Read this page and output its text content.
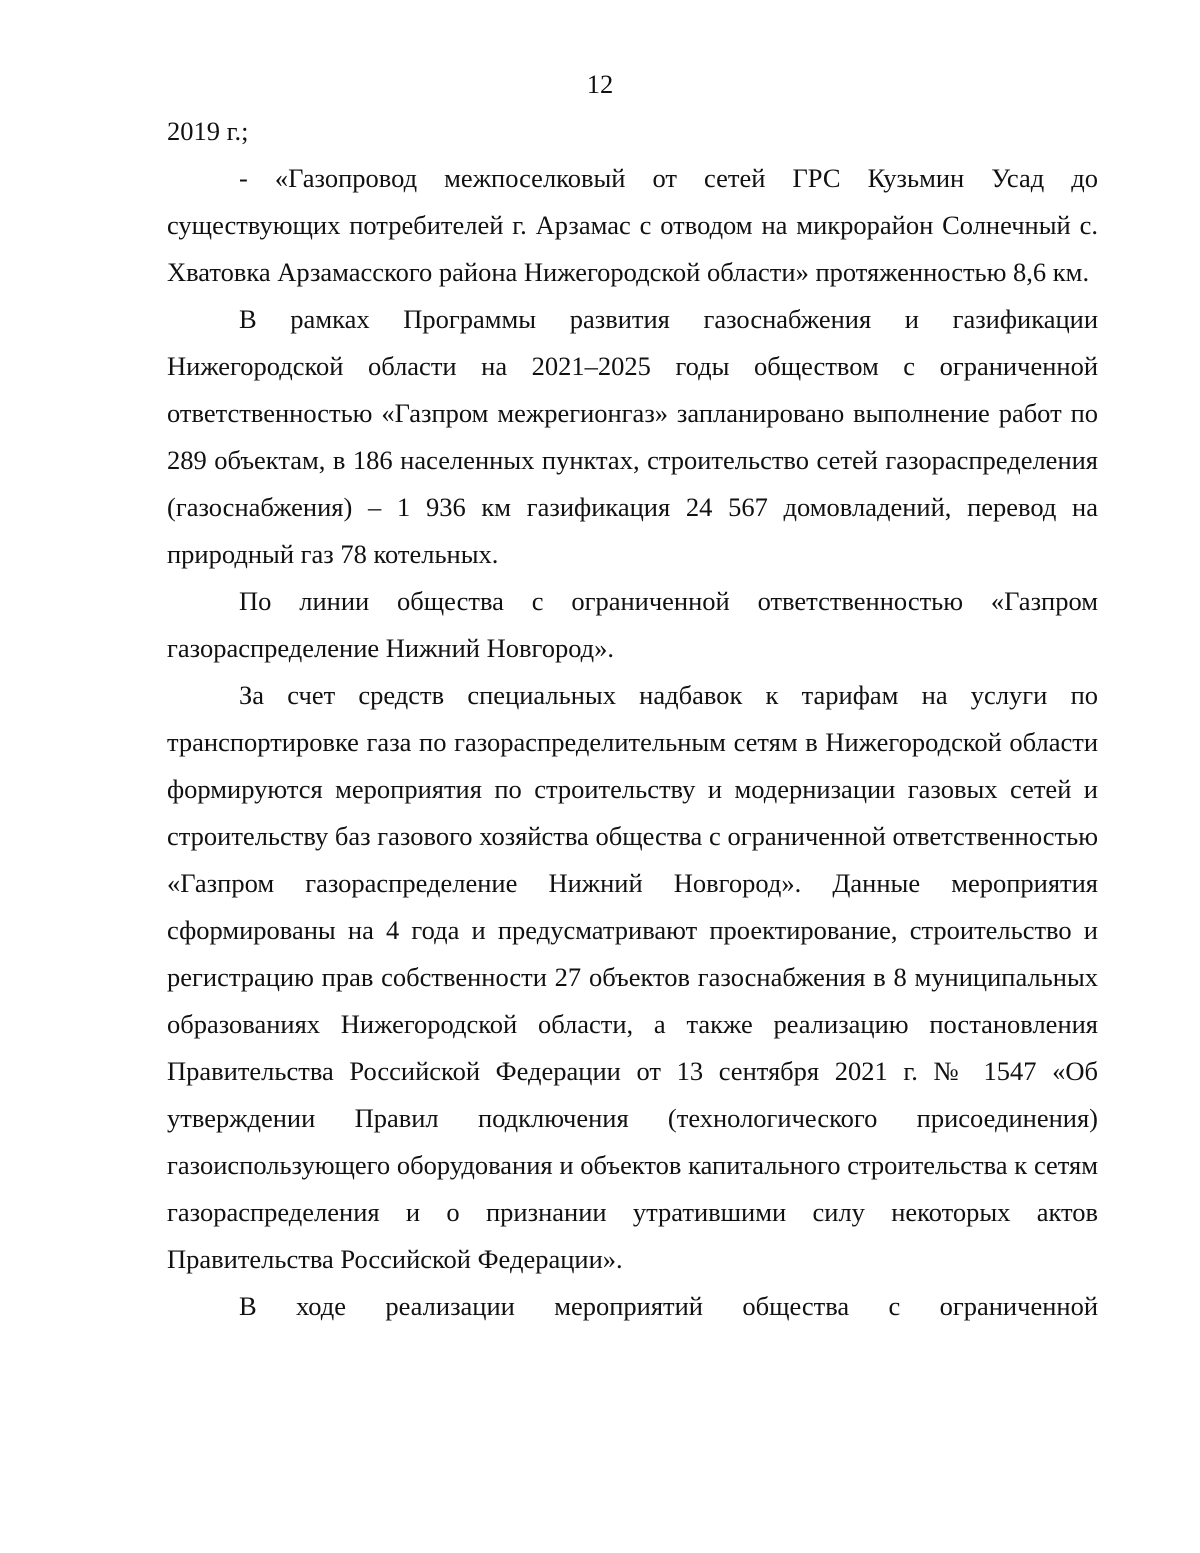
12

2019 г.;

- «Газопровод межпоселковый от сетей ГРС Кузьмин Усад до существующих потребителей г. Арзамас с отводом на микрорайон Солнечный с. Хватовка Арзамасского района Нижегородской области» протяженностью 8,6 км.

В рамках Программы развития газоснабжения и газификации Нижегородской области на 2021–2025 годы обществом с ограниченной ответственностью «Газпром межрегионгаз» запланировано выполнение работ по 289 объектам, в 186 населенных пунктах, строительство сетей газораспределения (газоснабжения) – 1 936 км газификация 24 567 домовладений, перевод на природный газ 78 котельных.

По линии общества с ограниченной ответственностью «Газпром газораспределение Нижний Новгород».

За счет средств специальных надбавок к тарифам на услуги по транспортировке газа по газораспределительным сетям в Нижегородской области формируются мероприятия по строительству и модернизации газовых сетей и строительству баз газового хозяйства общества с ограниченной ответственностью «Газпром газораспределение Нижний Новгород». Данные мероприятия сформированы на 4 года и предусматривают проектирование, строительство и регистрацию прав собственности 27 объектов газоснабжения в 8 муниципальных образованиях Нижегородской области, а также реализацию постановления Правительства Российской Федерации от 13 сентября 2021 г. № 1547 «Об утверждении Правил подключения (технологического присоединения) газоиспользующего оборудования и объектов капитального строительства к сетям газораспределения и о признании утратившими силу некоторых актов Правительства Российской Федерации».

В ходе реализации мероприятий общества с ограниченной
